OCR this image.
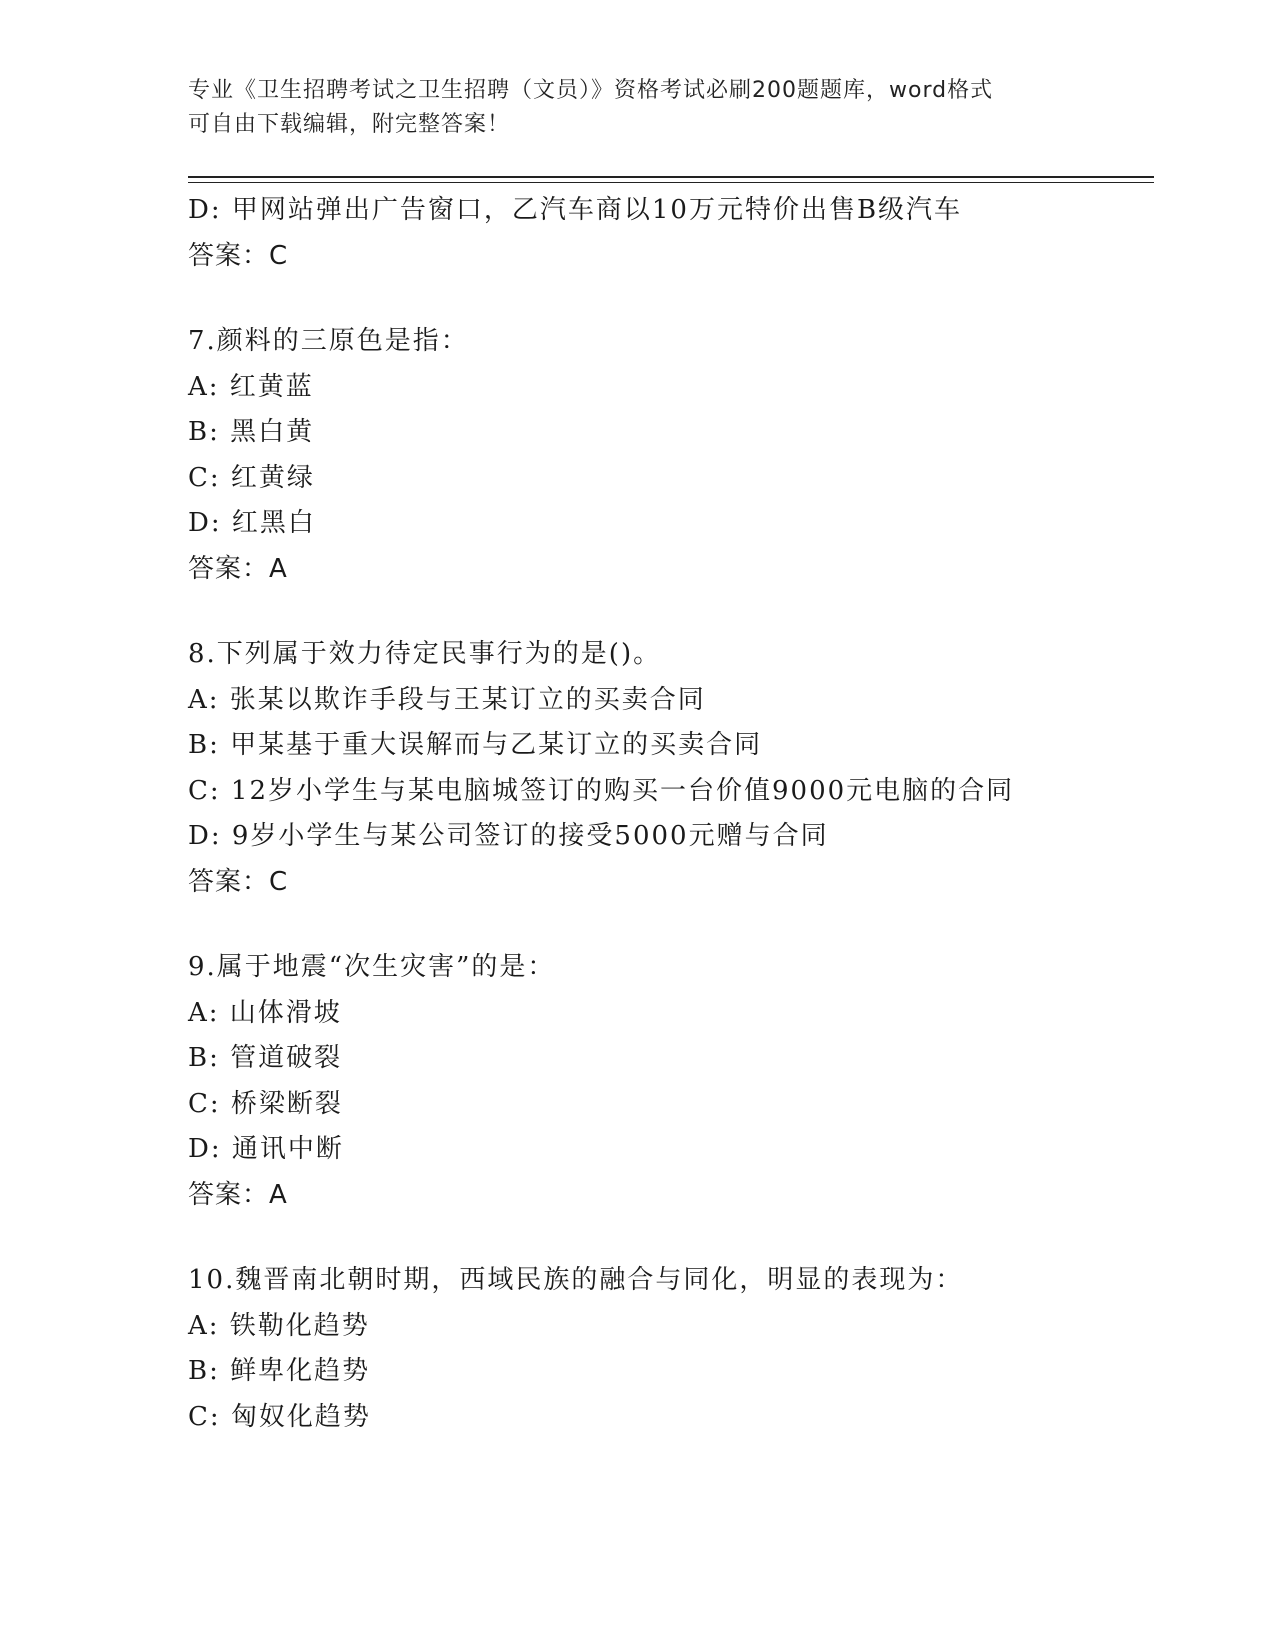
专业《卫生招聘考试之卫生招聘（文员）》资格考试必刷200题题库，word格式
可自由下载编辑，附完整答案！
D: 甲网站弹出广告窗口，乙汽车商以10万元特价出售B级汽车
答案：C
7.颜料的三原色是指：
A: 红黄蓝
B: 黑白黄
C: 红黄绿
D: 红黑白
答案：A
8.下列属于效力待定民事行为的是()。
A: 张某以欺诈手段与王某订立的买卖合同
B: 甲某基于重大误解而与乙某订立的买卖合同
C: 12岁小学生与某电脑城签订的购买一台价值9000元电脑的合同
D: 9岁小学生与某公司签订的接受5000元赠与合同
答案：C
9.属于地震“次生灾害”的是：
A: 山体滑坡
B: 管道破裂
C: 桥梁断裂
D: 通讯中断
答案：A
10.魏晋南北朝时期，西域民族的融合与同化，明显的表现为：
A: 铁勒化趋势
B: 鲜卑化趋势
C: 匈奴化趋势
